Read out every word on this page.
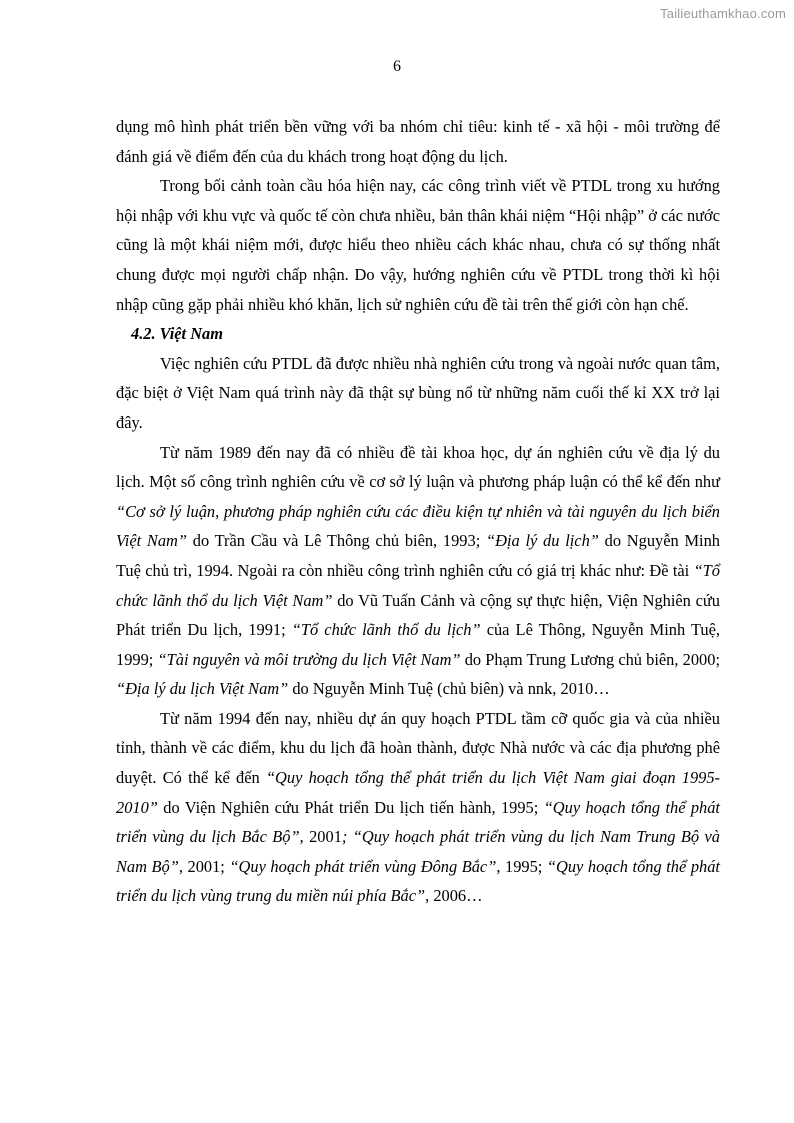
Tailieuthamkhao.com
6

dụng mô hình phát triển bền vững với ba nhóm chỉ tiêu: kinh tế - xã hội - môi trường để đánh giá về điểm đến của du khách trong hoạt động du lịch.

Trong bối cảnh toàn cầu hóa hiện nay, các công trình viết về PTDL trong xu hướng hội nhập với khu vực và quốc tế còn chưa nhiều, bản thân khái niệm “Hội nhập” ở các nước cũng là một khái niệm mới, được hiểu theo nhiều cách khác nhau, chưa có sự thống nhất chung được mọi người chấp nhận. Do vậy, hướng nghiên cứu về PTDL trong thời kì hội nhập cũng gặp phải nhiều khó khăn, lịch sử nghiên cứu đề tài trên thế giới còn hạn chế.

4.2. Việt Nam

Việc nghiên cứu PTDL đã được nhiều nhà nghiên cứu trong và ngoài nước quan tâm, đặc biệt ở Việt Nam quá trình này đã thật sự bùng nổ từ những năm cuối thế kỉ XX trở lại đây.

Từ năm 1989 đến nay đã có nhiều đề tài khoa học, dự án nghiên cứu về địa lý du lịch. Một số công trình nghiên cứu về cơ sở lý luận và phương pháp luận có thể kể đến như “Cơ sở lý luận, phương pháp nghiên cứu các điều kiện tự nhiên và tài nguyên du lịch biển Việt Nam” do Trần Cầu và Lê Thông chủ biên, 1993; “Địa lý du lịch” do Nguyễn Minh Tuệ chủ trì, 1994. Ngoài ra còn nhiều công trình nghiên cứu có giá trị khác như: Đề tài “Tổ chức lãnh thổ du lịch Việt Nam” do Vũ Tuấn Cảnh và cộng sự thực hiện, Viện Nghiên cứu Phát triển Du lịch, 1991; “Tổ chức lãnh thổ du lịch” của Lê Thông, Nguyễn Minh Tuệ, 1999; “Tài nguyên và môi trường du lịch Việt Nam” do Phạm Trung Lương chủ biên, 2000; “Địa lý du lịch Việt Nam” do Nguyễn Minh Tuệ (chủ biên) và nnk, 2010…

Từ năm 1994 đến nay, nhiều dự án quy hoạch PTDL tầm cỡ quốc gia và của nhiều tỉnh, thành về các điểm, khu du lịch đã hoàn thành, được Nhà nước và các địa phương phê duyệt. Có thể kể đến “Quy hoạch tổng thể phát triển du lịch Việt Nam giai đoạn 1995- 2010” do Viện Nghiên cứu Phát triển Du lịch tiến hành, 1995; “Quy hoạch tổng thể phát triển vùng du lịch Bắc Bộ”, 2001; “Quy hoạch phát triển vùng du lịch Nam Trung Bộ và Nam Bộ”, 2001; “Quy hoạch phát triển vùng Đông Bắc”, 1995; “Quy hoạch tổng thể phát triển du lịch vùng trung du miền núi phía Bắc”, 2006…
